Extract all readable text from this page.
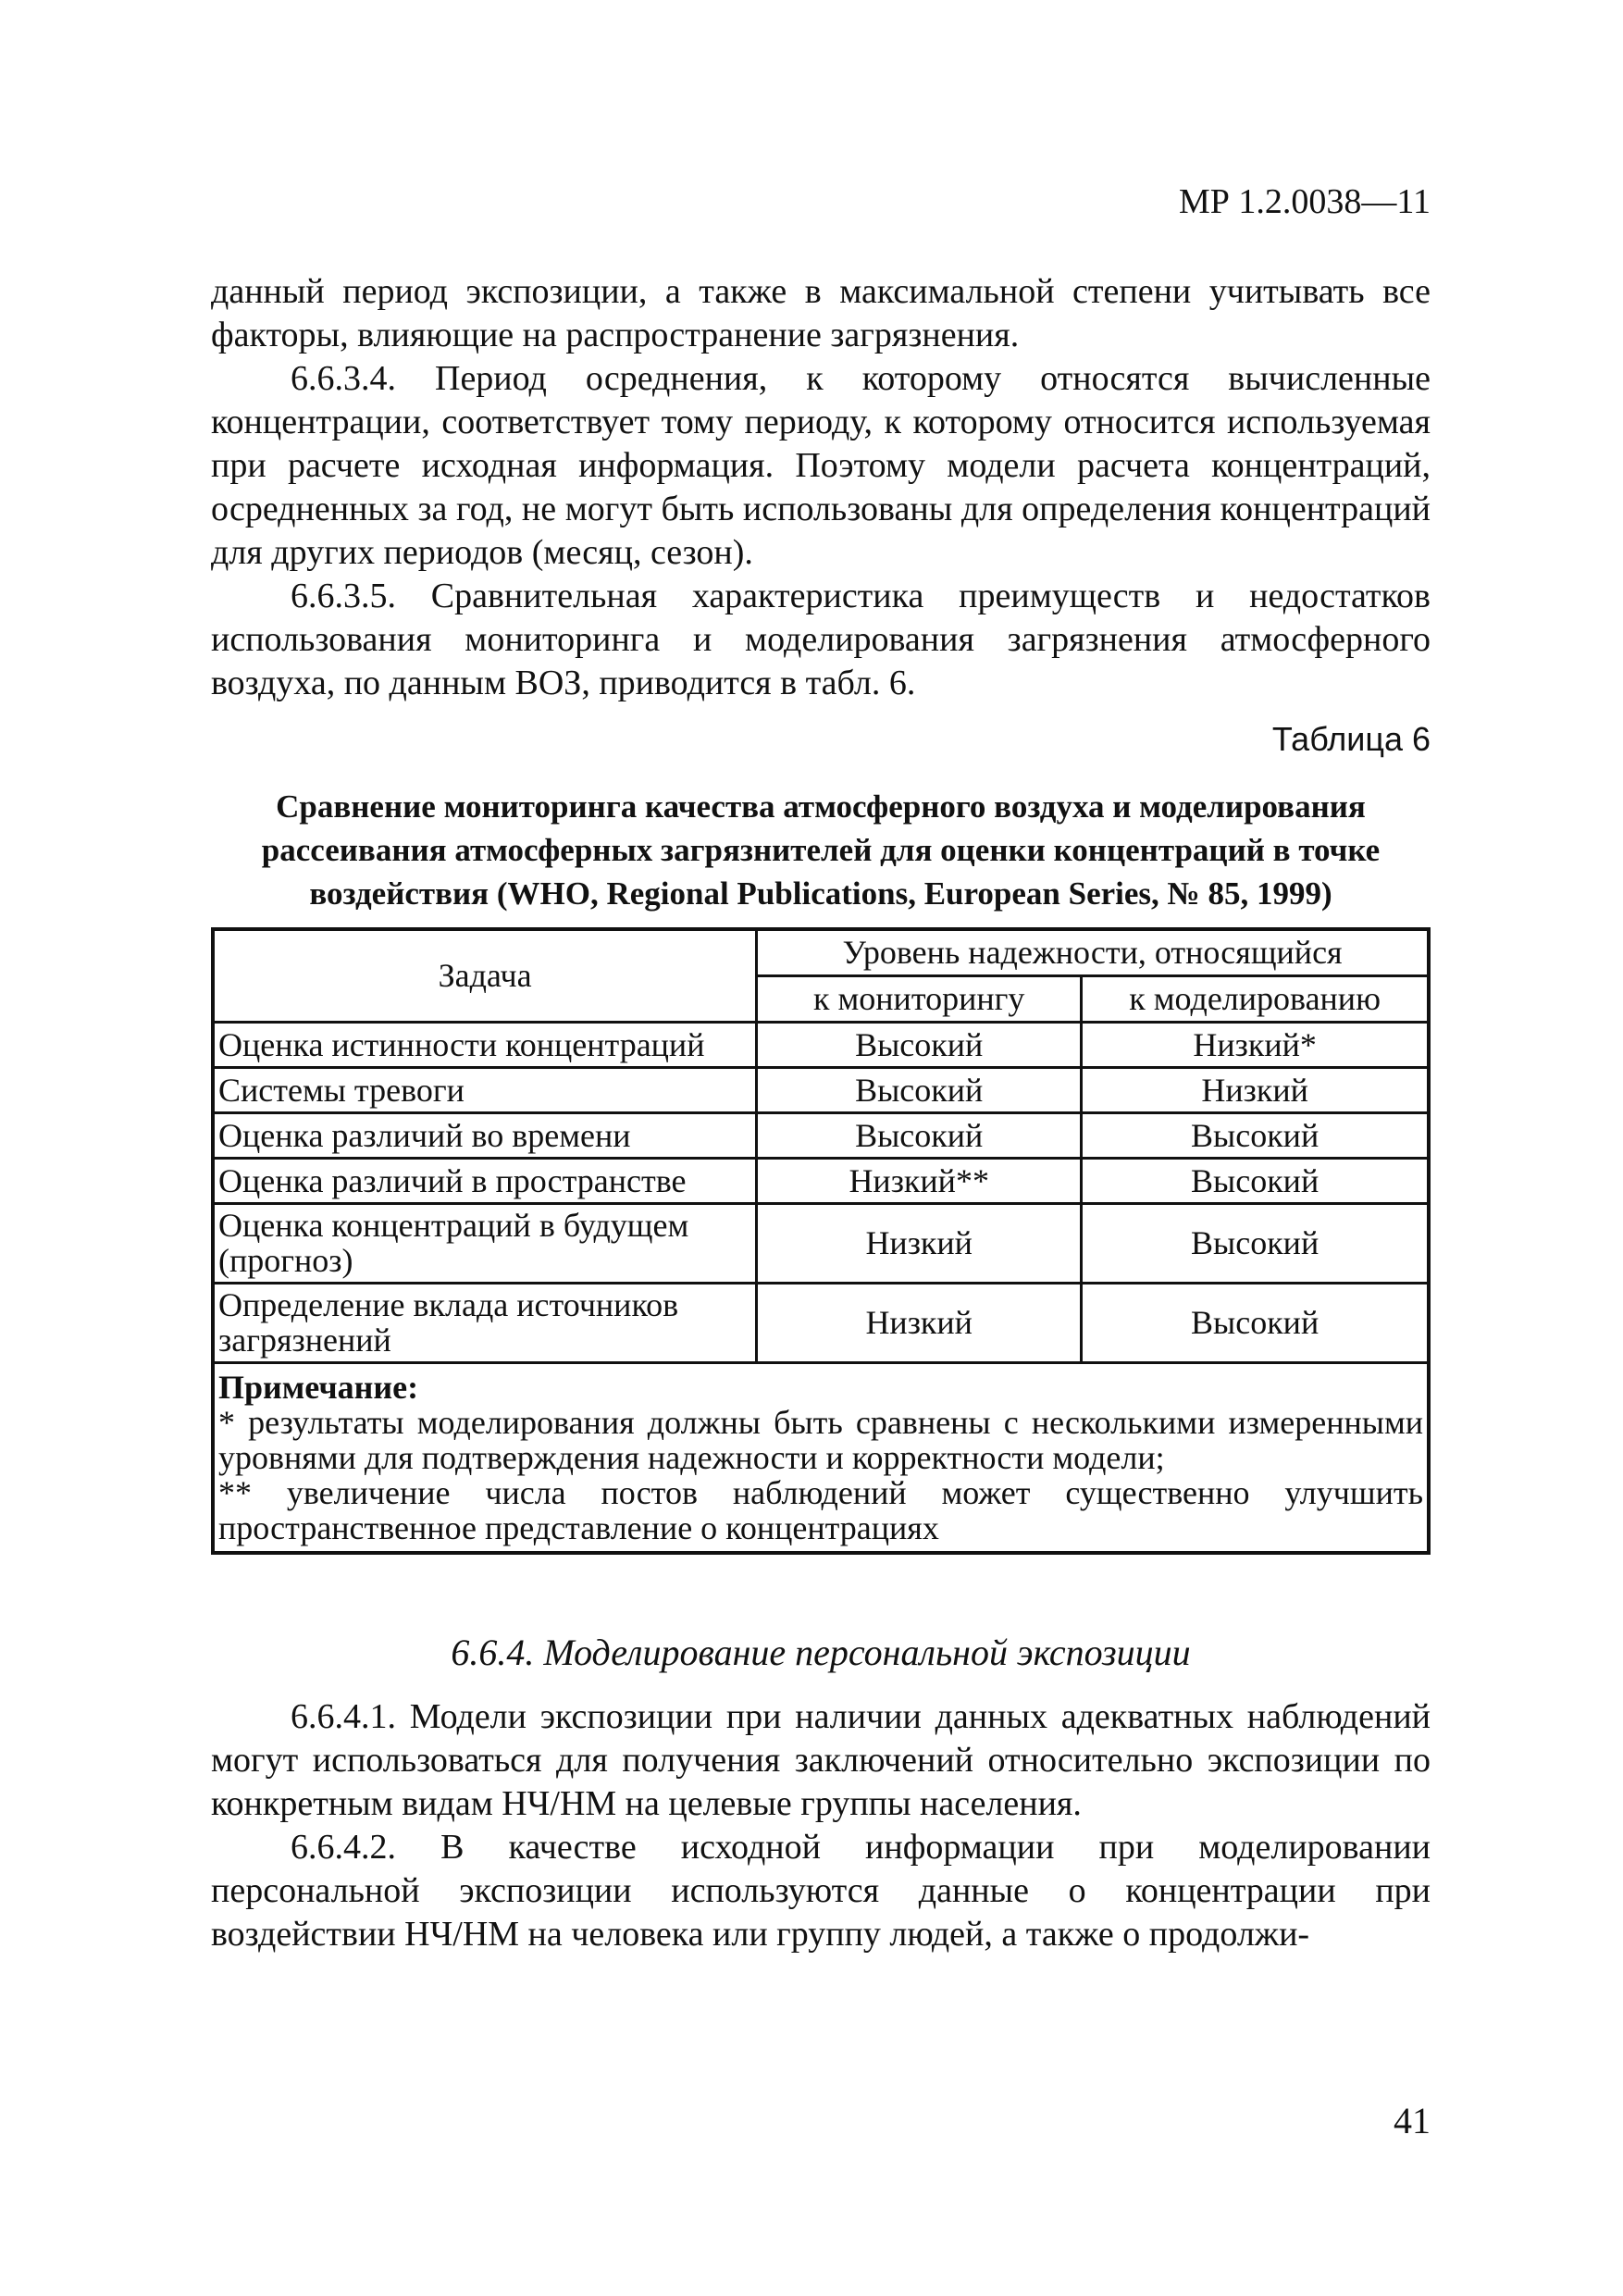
МР 1.2.0038—11

данный период экспозиции, а также в максимальной степени учитывать все факторы, влияющие на распространение загрязнения.

6.6.3.4. Период осреднения, к которому относятся вычисленные концентрации, соответствует тому периоду, к которому относится используемая при расчете исходная информация. Поэтому модели расчета концентраций, осредненных за год, не могут быть использованы для определения концентраций для других периодов (месяц, сезон).

6.6.3.5. Сравнительная характеристика преимуществ и недостатков использования мониторинга и моделирования загрязнения атмосферного воздуха, по данным ВОЗ, приводится в табл. 6.

Таблица 6
Сравнение мониторинга качества атмосферного воздуха и моделирования рассеивания атмосферных загрязнителей для оценки концентраций в точке воздействия (WHO, Regional Publications, European Series, № 85, 1999)
Задача	Уровень надежности, относящийся	
	к мониторингу	к моделированию
Оценка истинности концентраций	Высокий	Низкий*
Системы тревоги	Высокий	Низкий
Оценка различий во времени	Высокий	Высокий
Оценка различий в пространстве	Низкий**	Высокий
Оценка концентраций в будущем (прогноз)	Низкий	Высокий
Определение вклада источников загрязнений	Низкий	Высокий

Примечание:
* результаты моделирования должны быть сравнены с несколькими измеренными уровнями для подтверждения надежности и корректности модели;
** увеличение числа постов наблюдений может существенно улучшить пространственное представление о концентрациях		
6.6.4. Моделирование персональной экспозиции

6.6.4.1. Модели экспозиции при наличии данных адекватных наблюдений могут использоваться для получения заключений относительно экспозиции по конкретным видам НЧ/НМ на целевые группы населения.

6.6.4.2. В качестве исходной информации при моделировании персональной экспозиции используются данные о концентрации при воздействии НЧ/НМ на человека или группу людей, а также о продолжи-

41
